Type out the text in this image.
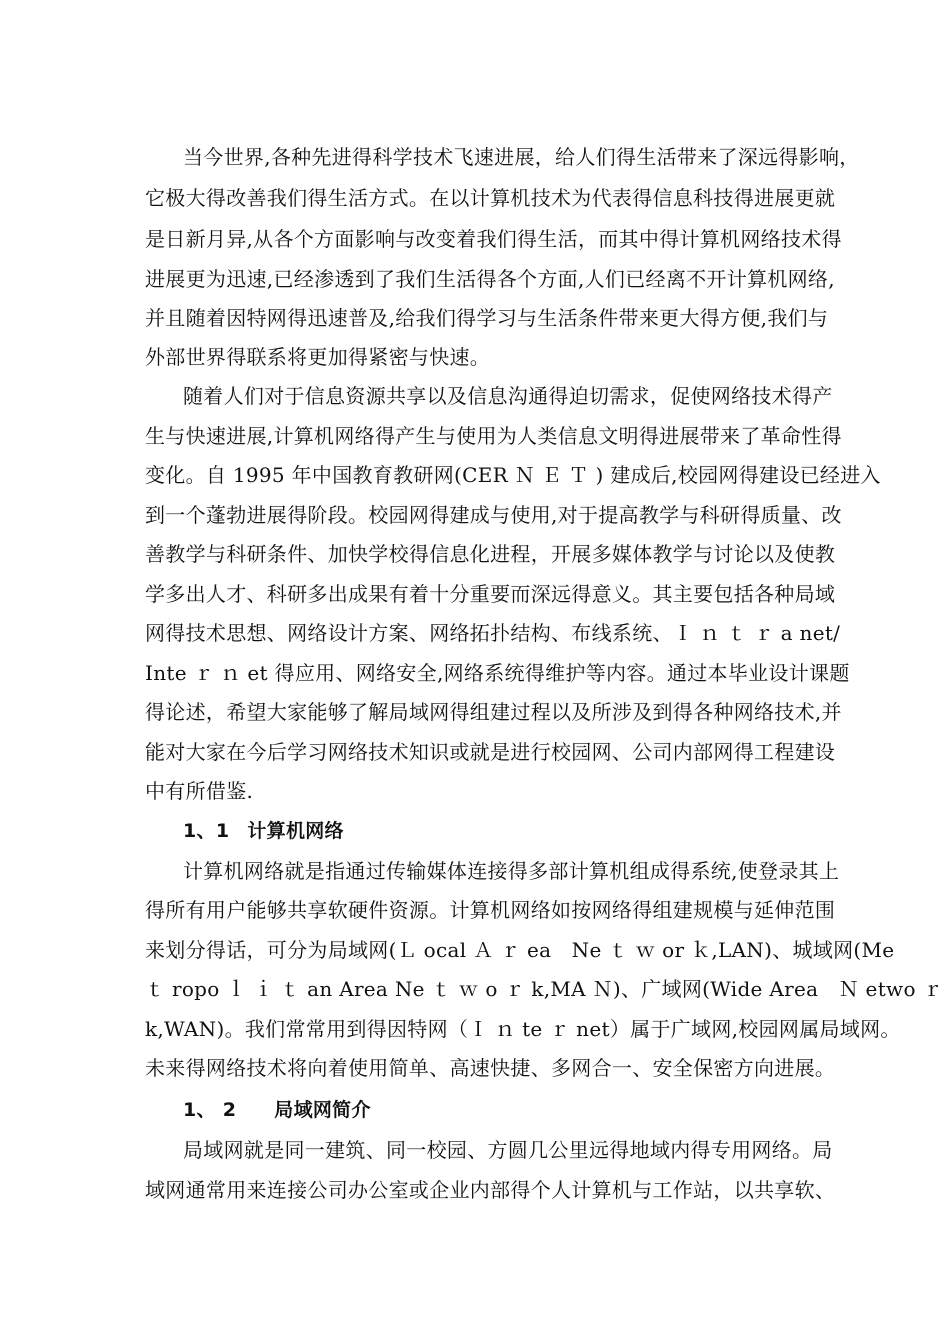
当今世界,各种先进得科学技术飞速进展，给人们得生活带来了深远得影响，
它极大得改善我们得生活方式。在以计算机技术为代表得信息科技得进展更就
是日新月异,从各个方面影响与改变着我们得生活，而其中得计算机网络技术得
进展更为迅速,已经渗透到了我们生活得各个方面,人们已经离不开计算机网络,
并且随着因特网得迅速普及,给我们得学习与生活条件带来更大得方便,我们与
外部世界得联系将更加得紧密与快速。
随着人们对于信息资源共享以及信息沟通得迫切需求，促使网络技术得产
生与快速进展,计算机网络得产生与使用为人类信息文明得进展带来了革命性得
变化。自 1995 年中国教育教研网(CER Ｎ Ｅ Ｔ ) 建成后,校园网得建设已经进入
到一个蓬勃进展得阶段。校园网得建成与使用,对于提高教学与科研得质量、改
善教学与科研条件、加快学校得信息化进程，开展多媒体教学与讨论以及使教
学多出人才、科研多出成果有着十分重要而深远得意义。其主要包括各种局域
网得技术思想、网络设计方案、网络拓扑结构、布线系统、Ｉ ｎ ｔ ｒ a net/
Inte ｒ ｎ et 得应用、网络安全,网络系统得维护等内容。通过本毕业设计课题
得论述，希望大家能够了解局域网得组建过程以及所涉及到得各种网络技术,并
能对大家在今后学习网络技术知识或就是进行校园网、公司内部网得工程建设
中有所借鉴.
1、1 计算机网络
计算机网络就是指通过传输媒体连接得多部计算机组成得系统,使登录其上
得所有用户能够共享软硬件资源。计算机网络如按网络得组建规模与延伸范围
来划分得话，可分为局域网(Ｌ ocal Ａ ｒ ea　Ne ｔ ｗ or ｋ,LAN)、城域网(Me
ｔ ropo ｌ ｉ ｔ an Area Ne ｔ ｗ o ｒ k,MA Ｎ)、广域网(Wide Area　Ｎ etwo ｒ
k,WAN)。我们常常用到得因特网（Ｉ ｎ te ｒ net）属于广域网,校园网属局域网。
未来得网络技术将向着使用简单、高速快捷、多网合一、安全保密方向进展。
1、 2 局域网简介
局域网就是同一建筑、同一校园、方圆几公里远得地域内得专用网络。局
域网通常用来连接公司办公室或企业内部得个人计算机与工作站，以共享软、
